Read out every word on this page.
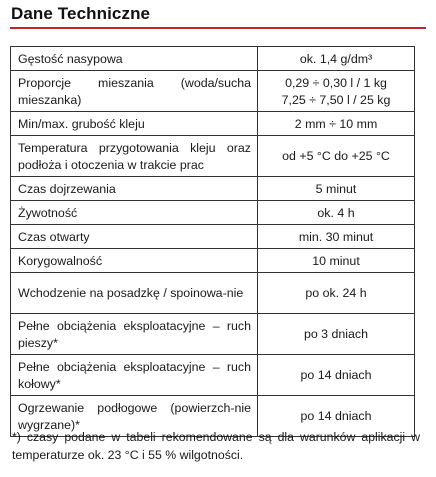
Dane Techniczne
Gęstość nasypowa	ok. 1,4 g/dm³
Proporcje mieszania (woda/sucha mieszanka)	0,29 ÷ 0,30 l / 1 kg
7,25 ÷ 7,50 l / 25 kg
Min/max. grubość kleju	2 mm ÷ 10 mm
Temperatura przygotowania kleju oraz podłoża i otoczenia w trakcie prac	od +5 °C do +25 °C
Czas dojrzewania	5 minut
Żywotność	ok. 4 h
Czas otwarty	min. 30 minut
Korygowalność	10 minut
Wchodzenie na posadzkę / spoinowa-nie	po ok. 24 h
Pełne obciążenia eksploatacyjne – ruch pieszy*	po 3 dniach
Pełne obciążenia eksploatacyjne – ruch kołowy*	po 14 dniach
Ogrzewanie podłogowe (powierzch-nie wygrzane)*	po 14 dniach
*) czasy podane w tabeli rekomendowane są dla warunków aplikacji w temperaturze ok. 23 °C i 55 % wilgotności.
